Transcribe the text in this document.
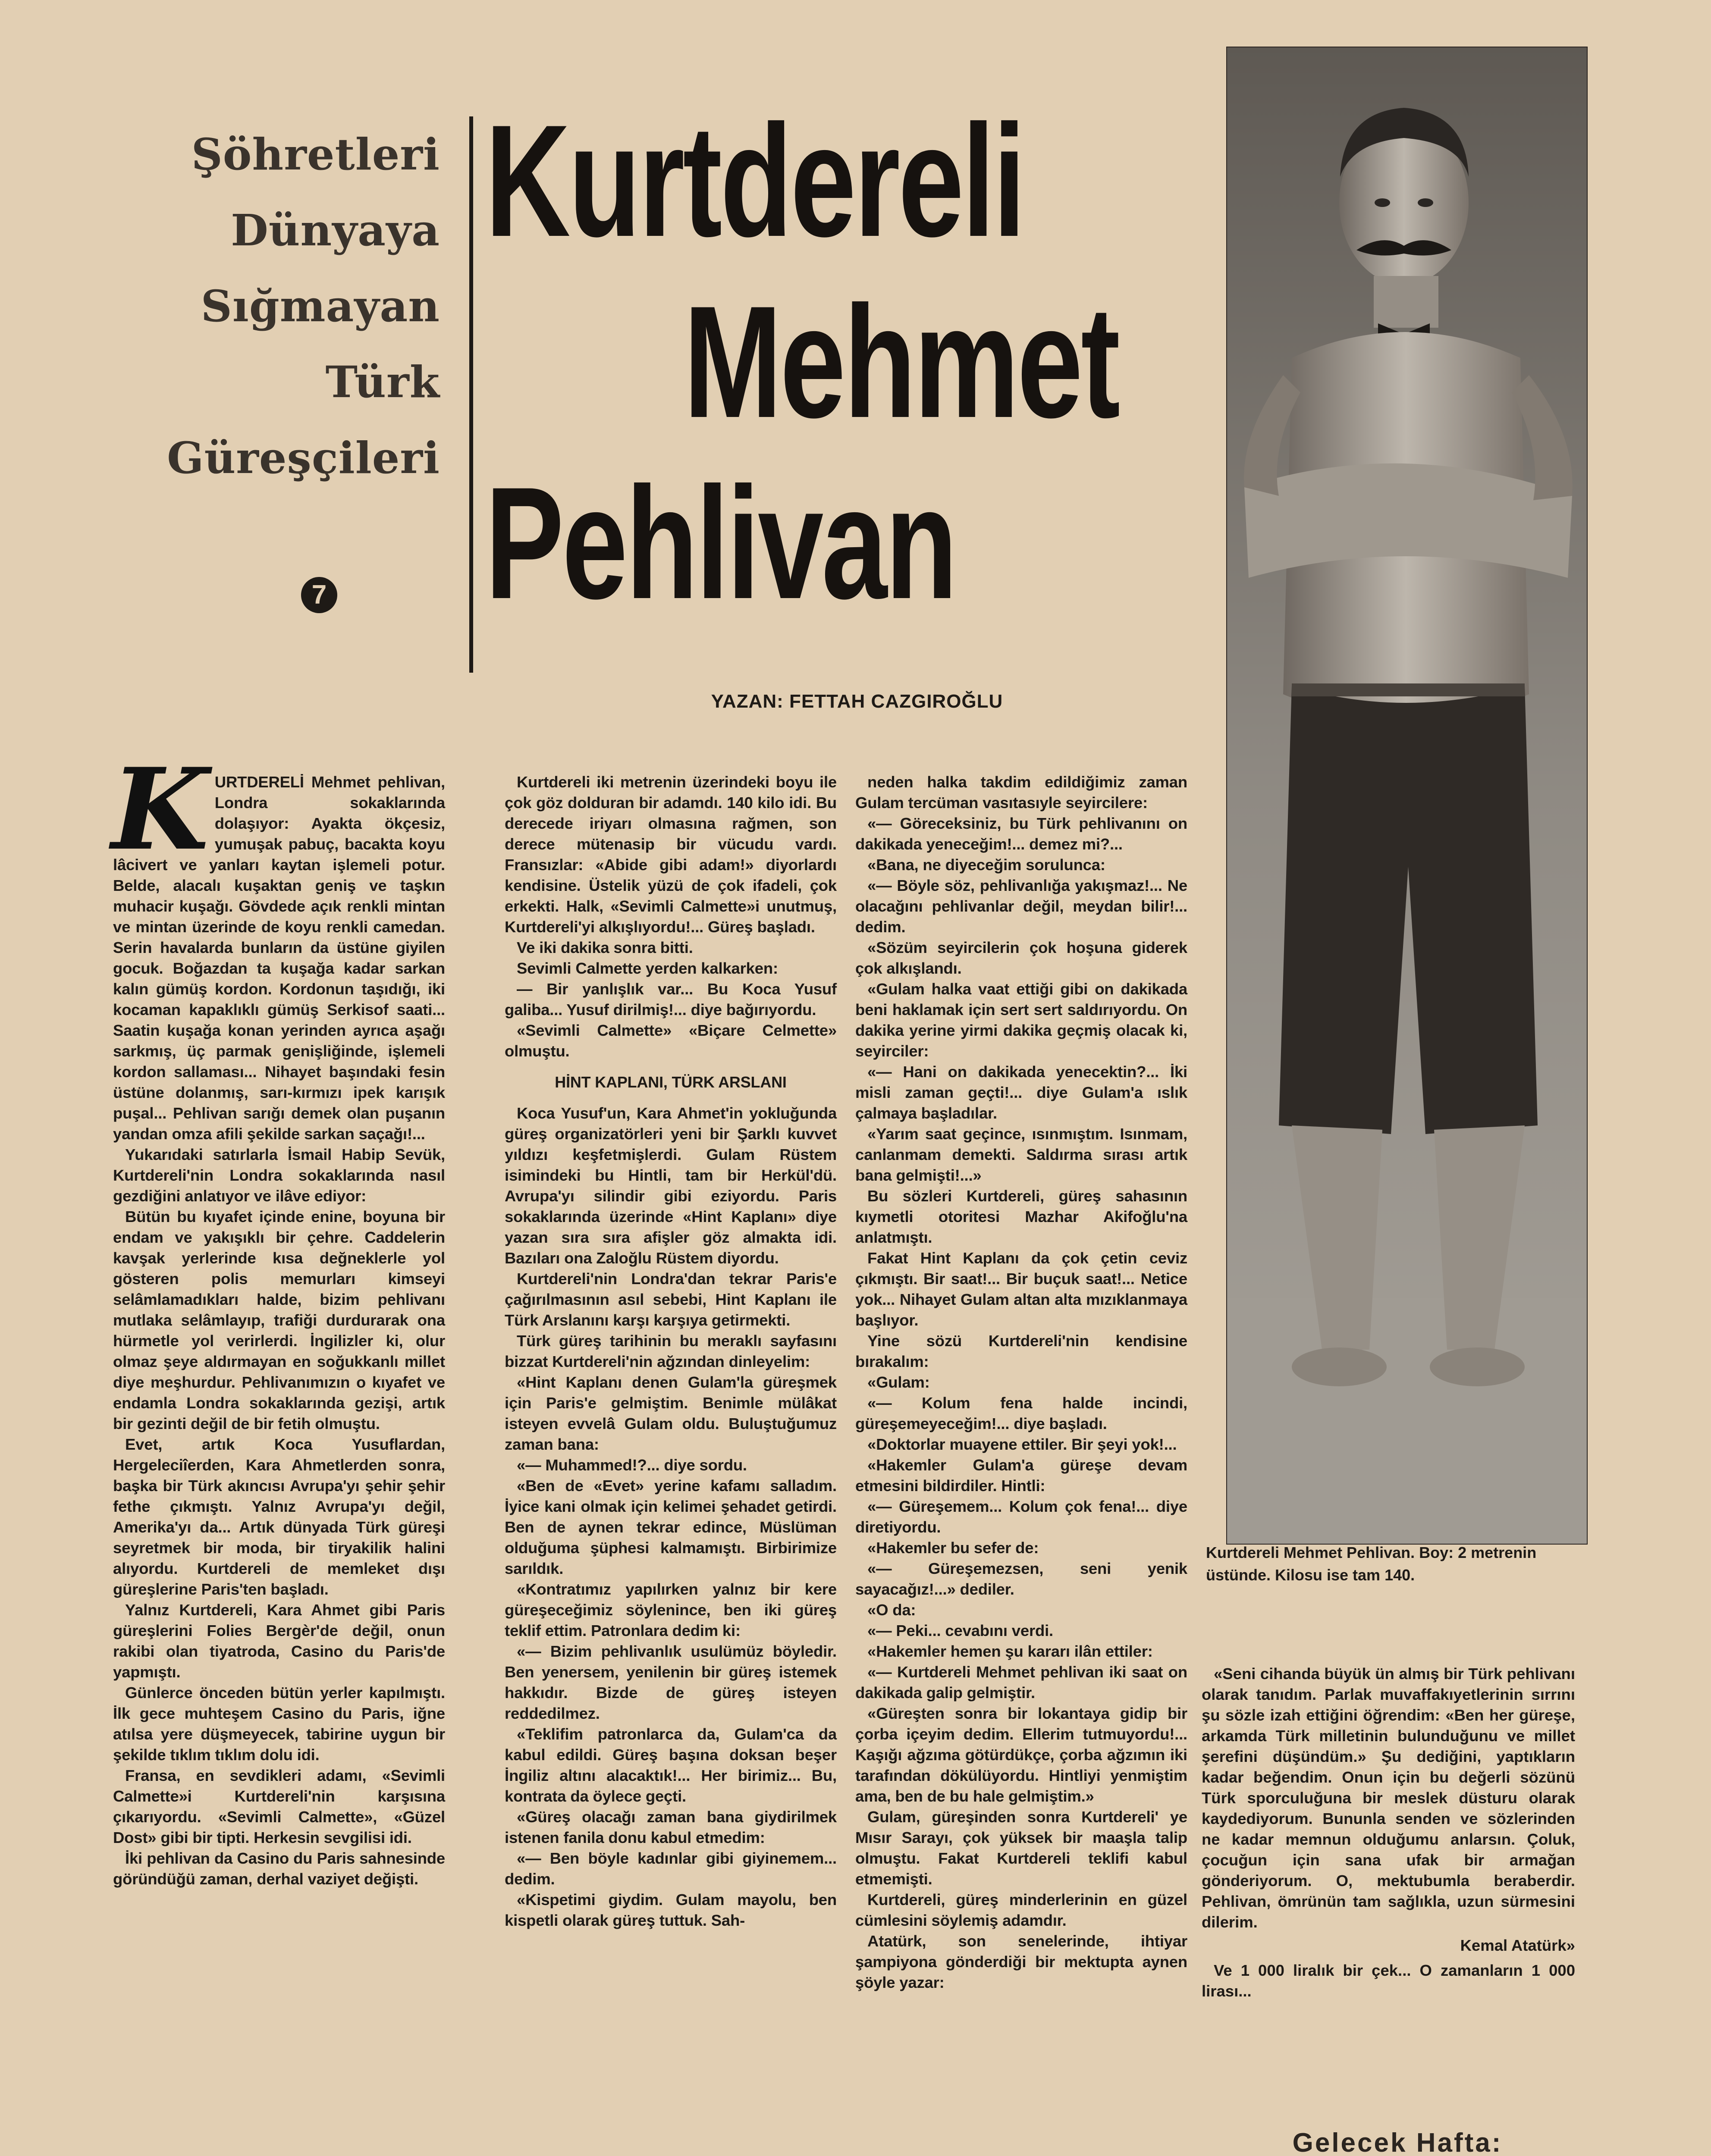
Şöhretleri
Dünyaya
Sığmayan
Türk
Güreşçileri
7
Kurtdereli
Mehmet
Pehlivan
YAZAN: FETTAH CAZGIROĞLU
Kurtdereli Mehmet Pehlivan. Boy: 2 metrenin üstünde. Kilosu ise tam 140.

KURTDERELİ Mehmet pehlivan, Londra sokaklarında dolaşıyor: Ayakta ökçesiz, yumuşak pabuç, bacakta koyu lâcivert ve yanları kaytan işlemeli potur. Belde, alacalı kuşaktan geniş ve taşkın muhacir kuşağı. Gövdede açık renkli mintan ve mintan üzerinde de koyu renkli camedan. Serin havalarda bunların da üstüne giyilen gocuk. Boğazdan ta kuşağa kadar sarkan kalın gümüş kordon. Kordonun taşıdığı, iki kocaman kapaklıklı gümüş Serkisof saati... Saatin kuşağa konan yerinden ayrıca aşağı sarkmış, üç parmak genişliğinde, işlemeli kordon sallaması... Nihayet başındaki fesin üstüne dolanmış, sarı-kırmızı ipek karışık puşal... Pehlivan sarığı demek olan puşanın yandan omza afili şekilde sarkan saçağı!...

Yukarıdaki satırlarla İsmail Habip Sevük, Kurtdereli'nin Londra sokaklarında nasıl gezdiğini anlatıyor ve ilâve ediyor:

Bütün bu kıyafet içinde enine, boyuna bir endam ve yakışıklı bir çehre. Caddelerin kavşak yerlerinde kısa değneklerle yol gösteren polis memurları kimseyi selâmlamadıkları halde, bizim pehlivanı mutlaka selâmlayıp, trafiği durdurarak ona hürmetle yol verirlerdi. İngilizler ki, olur olmaz şeye aldırmayan en soğukkanlı millet diye meşhurdur. Pehlivanımızın o kıyafet ve endamla Londra sokaklarında gezişi, artık bir gezinti değil de bir fetih olmuştu.

Evet, artık Koca Yusuflardan, Hergeleciîerden, Kara Ahmetlerden sonra, başka bir Türk akıncısı Avrupa'yı şehir şehir fethe çıkmıştı. Yalnız Avrupa'yı değil, Amerika'yı da... Artık dünyada Türk güreşi seyretmek bir moda, bir tiryakilik halini alıyordu. Kurtdereli de memleket dışı güreşlerine Paris'ten başladı.

Yalnız Kurtdereli, Kara Ahmet gibi Paris güreşlerini Folies Bergèr'de değil, onun rakibi olan tiyatroda, Casino du Paris'de yapmıştı.

Günlerce önceden bütün yerler kapılmıştı. İlk gece muhteşem Casino du Paris, iğne atılsa yere düşmeyecek, tabirine uygun bir şekilde tıklım tıklım dolu idi.

Fransa, en sevdikleri adamı, «Sevimli Calmette»i Kurtdereli'nin karşısına çıkarıyordu. «Sevimli Calmette», «Güzel Dost» gibi bir tipti. Herkesin sevgilisi idi.

İki pehlivan da Casino du Paris sahnesinde göründüğü zaman, derhal vaziyet değişti.

Kurtdereli iki metrenin üzerindeki boyu ile çok göz dolduran bir adamdı. 140 kilo idi. Bu derecede iriyarı olmasına rağmen, son derece mütenasip bir vücudu vardı. Fransızlar: «Abide gibi adam!» diyorlardı kendisine. Üstelik yüzü de çok ifadeli, çok erkekti. Halk, «Sevimli Calmette»i unutmuş, Kurtdereli'yi alkışlıyordu!... Güreş başladı.

Ve iki dakika sonra bitti.

Sevimli Calmette yerden kalkarken:

— Bir yanlışlık var... Bu Koca Yusuf galiba... Yusuf dirilmiş!... diye bağırıyordu.

«Sevimli Calmette» «Biçare Celmette» olmuştu.

HİNT KAPLANI, TÜRK ARSLANI

Koca Yusuf'un, Kara Ahmet'in yokluğunda güreş organizatörleri yeni bir Şarklı kuvvet yıldızı keşfetmişlerdi. Gulam Rüstem isimindeki bu Hintli, tam bir Herkül'dü. Avrupa'yı silindir gibi eziyordu. Paris sokaklarında üzerinde «Hint Kaplanı» diye yazan sıra sıra afişler göz almakta idi. Bazıları ona Zaloğlu Rüstem diyordu.

Kurtdereli'nin Londra'dan tekrar Paris'e çağırılmasının asıl sebebi, Hint Kaplanı ile Türk Arslanını karşı karşıya getirmekti.

Türk güreş tarihinin bu meraklı sayfasını bizzat Kurtdereli'nin ağzından dinleyelim:

«Hint Kaplanı denen Gulam'la güreşmek için Paris'e gelmiştim. Benimle mülâkat isteyen evvelâ Gulam oldu. Buluştuğumuz zaman bana:

«— Muhammed!?... diye sordu.

«Ben de «Evet» yerine kafamı salladım. İyice kani olmak için kelimei şehadet getirdi. Ben de aynen tekrar edince, Müslüman olduğuma şüphesi kalmamıştı. Birbirimize sarıldık.

«Kontratımız yapılırken yalnız bir kere güreşeceğimiz söylenince, ben iki güreş teklif ettim. Patronlara dedim ki:

«— Bizim pehlivanlık usulümüz böyledir. Ben yenersem, yenilenin bir güreş istemek hakkıdır. Bizde de güreş isteyen reddedilmez.

«Teklifim patronlarca da, Gulam'ca da kabul edildi. Güreş başına doksan beşer İngiliz altını alacaktık!... Her birimiz... Bu, kontrata da öylece geçti.

«Güreş olacağı zaman bana giydirilmek istenen fanila donu kabul etmedim:

«— Ben böyle kadınlar gibi giyinemem... dedim.

«Kispetimi giydim. Gulam mayolu, ben kispetli olarak güreş tuttuk. Sah-

neden halka takdim edildiğimiz zaman Gulam tercüman vasıtasıyle seyircilere:

«— Göreceksiniz, bu Türk pehlivanını on dakikada yeneceğim!... demez mi?...

«Bana, ne diyeceğim sorulunca:

«— Böyle söz, pehlivanlığa yakışmaz!... Ne olacağını pehlivanlar değil, meydan bilir!... dedim.

«Sözüm seyircilerin çok hoşuna giderek çok alkışlandı.

«Gulam halka vaat ettiği gibi on dakikada beni haklamak için sert sert saldırıyordu. On dakika yerine yirmi dakika geçmiş olacak ki, seyirciler:

«— Hani on dakikada yenecektin?... İki misli zaman geçti!... diye Gulam'a ıslık çalmaya başladılar.

«Yarım saat geçince, ısınmıştım. Isınmam, canlanmam demekti. Saldırma sırası artık bana gelmişti!...»

Bu sözleri Kurtdereli, güreş sahasının kıymetli otoritesi Mazhar Akifoğlu'na anlatmıştı.

Fakat Hint Kaplanı da çok çetin ceviz çıkmıştı. Bir saat!... Bir buçuk saat!... Netice yok... Nihayet Gulam altan alta mızıklanmaya başlıyor.

Yine sözü Kurtdereli'nin kendisine bırakalım:

«Gulam:

«— Kolum fena halde incindi, güreşemeyeceğim!... diye başladı.

«Doktorlar muayene ettiler. Bir şeyi yok!...

«Hakemler Gulam'a güreşe devam etmesini bildirdiler. Hintli:

«— Güreşemem... Kolum çok fena!... diye diretiyordu.

«Hakemler bu sefer de:

«— Güreşemezsen, seni yenik sayacağız!...» dediler.

«O da:

«— Peki... cevabını verdi.

«Hakemler hemen şu kararı ilân ettiler:

«— Kurtdereli Mehmet pehlivan iki saat on dakikada galip gelmiştir.

«Güreşten sonra bir lokantaya gidip bir çorba içeyim dedim. Ellerim tutmuyordu!... Kaşığı ağzıma götürdükçe, çorba ağzımın iki tarafından dökülüyordu. Hintliyi yenmiştim ama, ben de bu hale gelmiştim.»

Gulam, güreşinden sonra Kurtdereli' ye Mısır Sarayı, çok yüksek bir maaşla talip olmuştu. Fakat Kurtdereli teklifi kabul etmemişti.

Kurtdereli, güreş minderlerinin en güzel cümlesini söylemiş adamdır.

Atatürk, son senelerinde, ihtiyar şampiyona gönderdiği bir mektupta aynen şöyle yazar:

«Seni cihanda büyük ün almış bir Türk pehlivanı olarak tanıdım. Parlak muvaffakıyetlerinin sırrını şu sözle izah ettiğini öğrendim: «Ben her güreşe, arkamda Türk milletinin bulunduğunu ve millet şerefini düşündüm.» Şu dediğini, yaptıkların kadar beğendim. Onun için bu değerli sözünü Türk sporculuğuna bir meslek düsturu olarak kaydediyorum. Bununla senden ve sözlerinden ne kadar memnun olduğumu anlarsın. Çoluk, çocuğun için sana ufak bir armağan gönderiyorum. O, mektubumla beraberdir. Pehlivan, ömrünün tam sağlıkla, uzun sürmesini dilerim.

Kemal Atatürk»

Ve 1 000 liralık bir çek... O zamanların 1 000 lirası...

Gelecek Hafta:
